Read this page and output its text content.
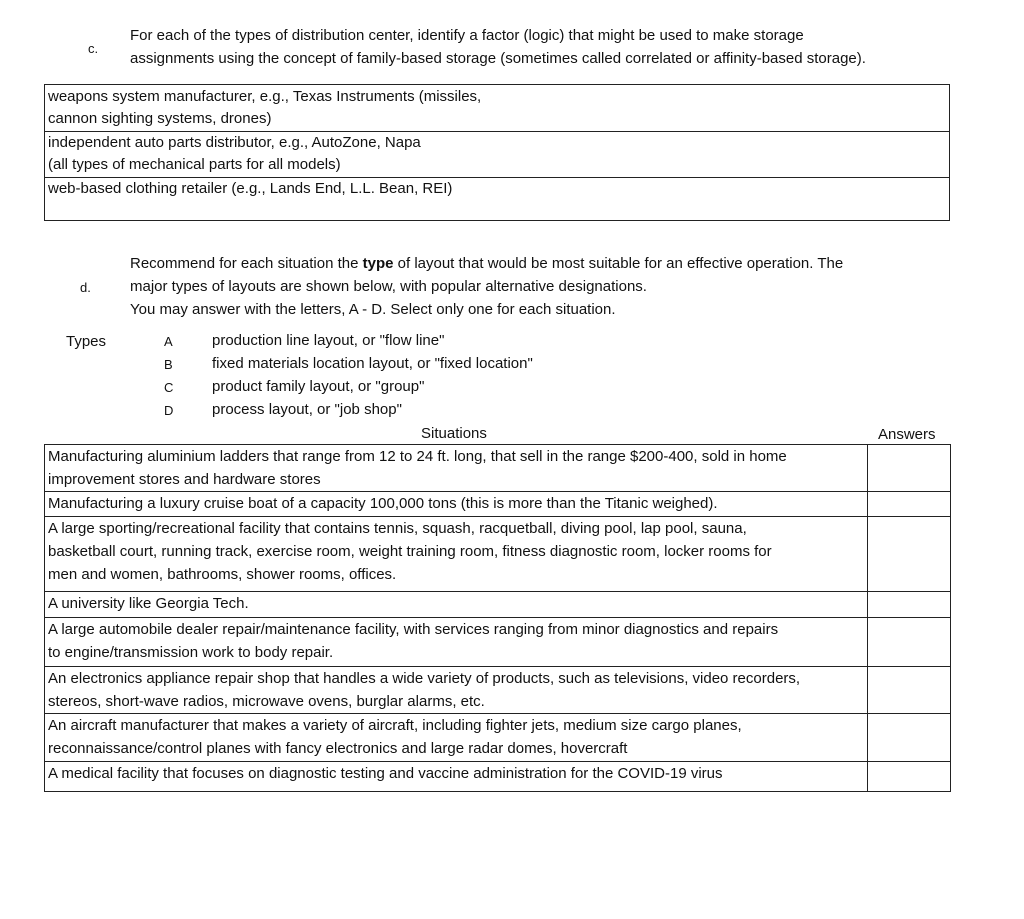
c.
For each of the types of distribution center, identify a factor (logic) that might be used to make storage
assignments using the concept of family-based storage (sometimes called correlated or affinity-based storage).
weapons system manufacturer, e.g., Texas Instruments (missiles,
cannon sighting systems, drones)
independent auto parts distributor, e.g., AutoZone, Napa
(all types of mechanical parts for all models)
web-based clothing retailer (e.g., Lands End, L.L. Bean, REI)
d.
Recommend for each situation the type of layout that would be most suitable for an effective operation. The
major types of layouts are shown below, with popular alternative designations.
You may answer with the letters, A - D. Select only one for each situation.
Types	A	production line layout, or "flow line"
B	fixed materials location layout, or "fixed location"
C	product family layout, or "group"
D	process layout, or "job shop"
Situations	Answers
Manufacturing aluminium ladders that range from 12 to 24 ft. long, that sell in the range $200-400, sold in home
improvement stores and hardware stores
Manufacturing a luxury cruise boat of a capacity 100,000 tons (this is more than the Titanic weighed).
A large sporting/recreational facility that contains tennis, squash, racquetball, diving pool, lap pool, sauna,
basketball court, running track, exercise room, weight training room, fitness diagnostic room, locker rooms for
men and women, bathrooms, shower rooms, offices.
A university like Georgia Tech.
A large automobile dealer repair/maintenance facility, with services ranging from minor diagnostics and repairs
to engine/transmission work to body repair.
An electronics appliance repair shop that handles a wide variety of products, such as televisions, video recorders,
stereos, short-wave radios, microwave ovens, burglar alarms, etc.
An aircraft manufacturer that makes a variety of aircraft, including fighter jets, medium size cargo planes,
reconnaissance/control planes with fancy electronics and large radar domes, hovercraft
A medical facility that focuses on diagnostic testing and vaccine administration for the COVID-19 virus
